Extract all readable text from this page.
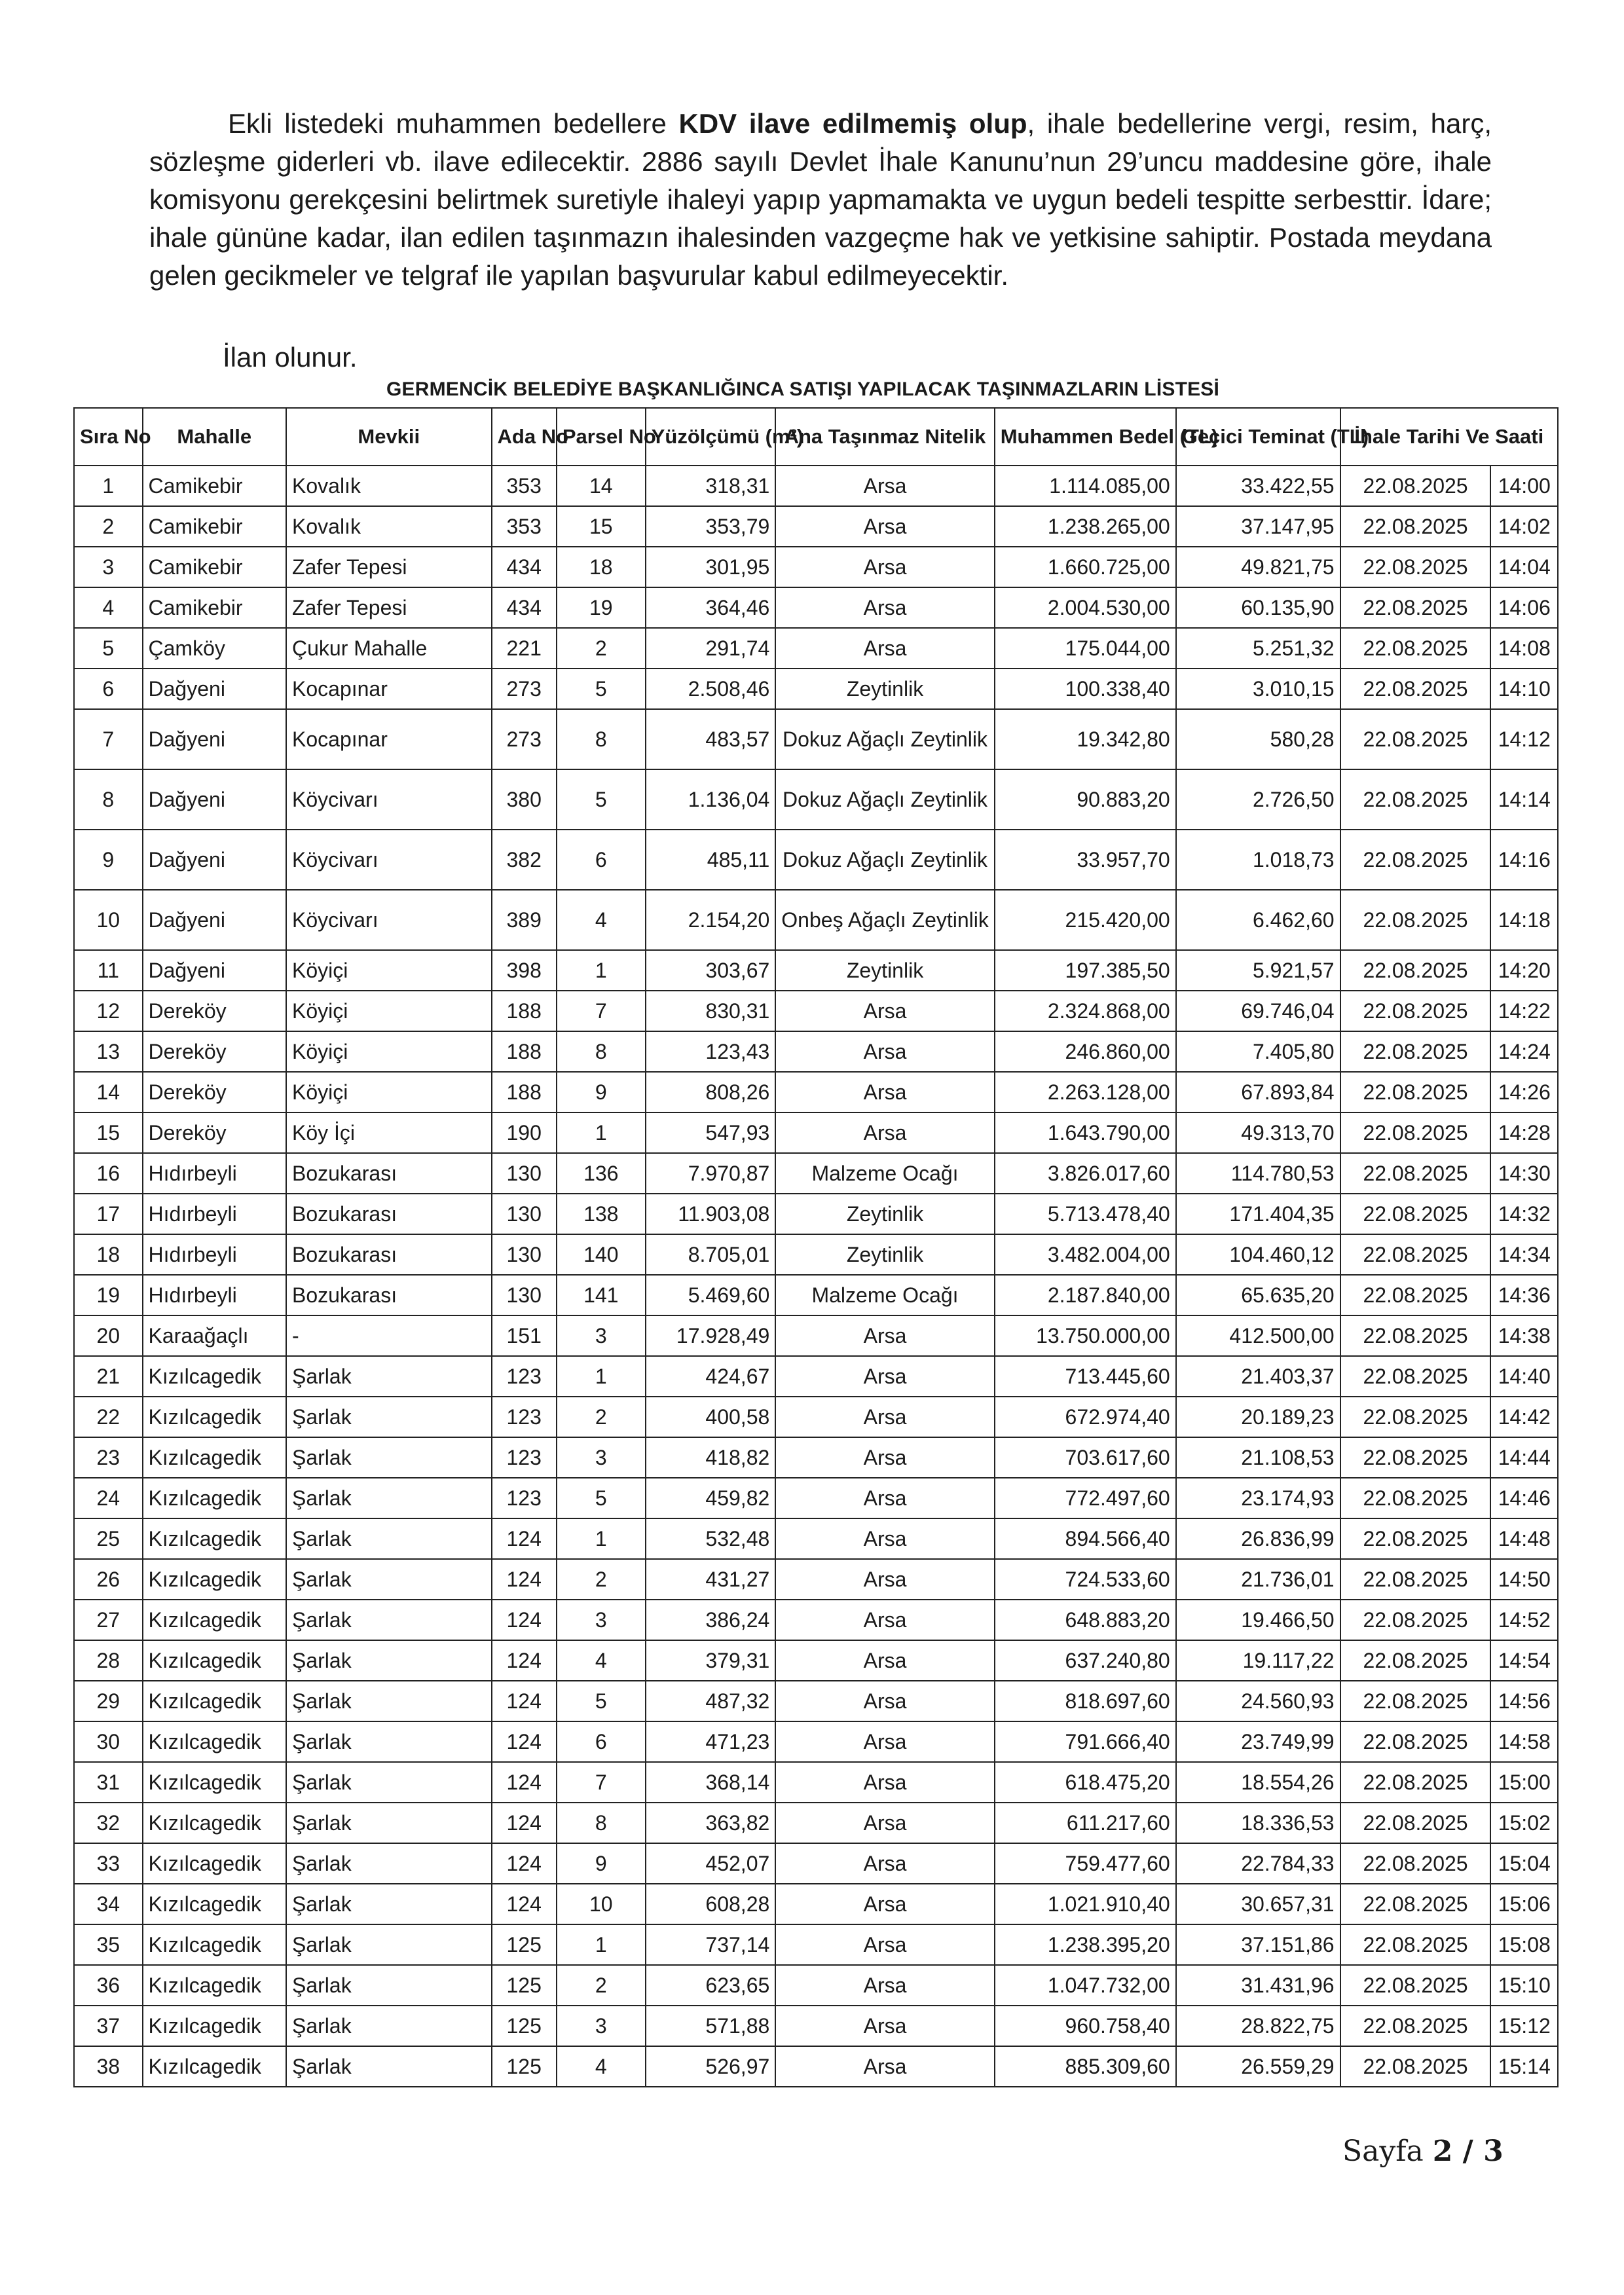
Ekli listedeki muhammen bedellere KDV ilave edilmemiş olup, ihale bedellerine vergi, resim, harç, sözleşme giderleri vb. ilave edilecektir. 2886 sayılı Devlet İhale Kanunu’nun 29’uncu maddesine göre, ihale komisyonu gerekçesini belirtmek suretiyle ihaleyi yapıp yapmamakta ve uygun bedeli tespitte serbesttir. İdare; ihale gününe kadar, ilan edilen taşınmazın ihalesinden vazgeçme hak ve yetkisine sahiptir. Postada meydana gelen gecikmeler ve telgraf ile yapılan başvurular kabul edilmeyecektir.

İlan olunur.
GERMENCİK BELEDİYE BAŞKANLIĞINCA SATIŞI YAPILACAK TAŞINMAZLARIN LİSTESİ
Sıra No	Mahalle	Mevkii	Ada No	Parsel No	Yüzölçümü (m²)	Ana Taşınmaz Nitelik	Muhammen Bedel (TL)	Geçici Teminat (TL)	İhale Tarihi Ve Saati	
1	Camikebir	Kovalık	353	14	318,31	Arsa	1.114.085,00	33.422,55	22.08.2025	14:00
2	Camikebir	Kovalık	353	15	353,79	Arsa	1.238.265,00	37.147,95	22.08.2025	14:02
3	Camikebir	Zafer Tepesi	434	18	301,95	Arsa	1.660.725,00	49.821,75	22.08.2025	14:04
4	Camikebir	Zafer Tepesi	434	19	364,46	Arsa	2.004.530,00	60.135,90	22.08.2025	14:06
5	Çamköy	Çukur Mahalle	221	2	291,74	Arsa	175.044,00	5.251,32	22.08.2025	14:08
6	Dağyeni	Kocapınar	273	5	2.508,46	Zeytinlik	100.338,40	3.010,15	22.08.2025	14:10
7	Dağyeni	Kocapınar	273	8	483,57	Dokuz Ağaçlı Zeytinlik	19.342,80	580,28	22.08.2025	14:12
8	Dağyeni	Köycivarı	380	5	1.136,04	Dokuz Ağaçlı Zeytinlik	90.883,20	2.726,50	22.08.2025	14:14
9	Dağyeni	Köycivarı	382	6	485,11	Dokuz Ağaçlı Zeytinlik	33.957,70	1.018,73	22.08.2025	14:16
10	Dağyeni	Köycivarı	389	4	2.154,20	Onbeş Ağaçlı Zeytinlik	215.420,00	6.462,60	22.08.2025	14:18
11	Dağyeni	Köyiçi	398	1	303,67	Zeytinlik	197.385,50	5.921,57	22.08.2025	14:20
12	Dereköy	Köyiçi	188	7	830,31	Arsa	2.324.868,00	69.746,04	22.08.2025	14:22
13	Dereköy	Köyiçi	188	8	123,43	Arsa	246.860,00	7.405,80	22.08.2025	14:24
14	Dereköy	Köyiçi	188	9	808,26	Arsa	2.263.128,00	67.893,84	22.08.2025	14:26
15	Dereköy	Köy İçi	190	1	547,93	Arsa	1.643.790,00	49.313,70	22.08.2025	14:28
16	Hıdırbeyli	Bozukarası	130	136	7.970,87	Malzeme Ocağı	3.826.017,60	114.780,53	22.08.2025	14:30
17	Hıdırbeyli	Bozukarası	130	138	11.903,08	Zeytinlik	5.713.478,40	171.404,35	22.08.2025	14:32
18	Hıdırbeyli	Bozukarası	130	140	8.705,01	Zeytinlik	3.482.004,00	104.460,12	22.08.2025	14:34
19	Hıdırbeyli	Bozukarası	130	141	5.469,60	Malzeme Ocağı	2.187.840,00	65.635,20	22.08.2025	14:36
20	Karaağaçlı	-	151	3	17.928,49	Arsa	13.750.000,00	412.500,00	22.08.2025	14:38
21	Kızılcagedik	Şarlak	123	1	424,67	Arsa	713.445,60	21.403,37	22.08.2025	14:40
22	Kızılcagedik	Şarlak	123	2	400,58	Arsa	672.974,40	20.189,23	22.08.2025	14:42
23	Kızılcagedik	Şarlak	123	3	418,82	Arsa	703.617,60	21.108,53	22.08.2025	14:44
24	Kızılcagedik	Şarlak	123	5	459,82	Arsa	772.497,60	23.174,93	22.08.2025	14:46
25	Kızılcagedik	Şarlak	124	1	532,48	Arsa	894.566,40	26.836,99	22.08.2025	14:48
26	Kızılcagedik	Şarlak	124	2	431,27	Arsa	724.533,60	21.736,01	22.08.2025	14:50
27	Kızılcagedik	Şarlak	124	3	386,24	Arsa	648.883,20	19.466,50	22.08.2025	14:52
28	Kızılcagedik	Şarlak	124	4	379,31	Arsa	637.240,80	19.117,22	22.08.2025	14:54
29	Kızılcagedik	Şarlak	124	5	487,32	Arsa	818.697,60	24.560,93	22.08.2025	14:56
30	Kızılcagedik	Şarlak	124	6	471,23	Arsa	791.666,40	23.749,99	22.08.2025	14:58
31	Kızılcagedik	Şarlak	124	7	368,14	Arsa	618.475,20	18.554,26	22.08.2025	15:00
32	Kızılcagedik	Şarlak	124	8	363,82	Arsa	611.217,60	18.336,53	22.08.2025	15:02
33	Kızılcagedik	Şarlak	124	9	452,07	Arsa	759.477,60	22.784,33	22.08.2025	15:04
34	Kızılcagedik	Şarlak	124	10	608,28	Arsa	1.021.910,40	30.657,31	22.08.2025	15:06
35	Kızılcagedik	Şarlak	125	1	737,14	Arsa	1.238.395,20	37.151,86	22.08.2025	15:08
36	Kızılcagedik	Şarlak	125	2	623,65	Arsa	1.047.732,00	31.431,96	22.08.2025	15:10
37	Kızılcagedik	Şarlak	125	3	571,88	Arsa	960.758,40	28.822,75	22.08.2025	15:12
38	Kızılcagedik	Şarlak	125	4	526,97	Arsa	885.309,60	26.559,29	22.08.2025	15:14
Sayfa 2 / 3
